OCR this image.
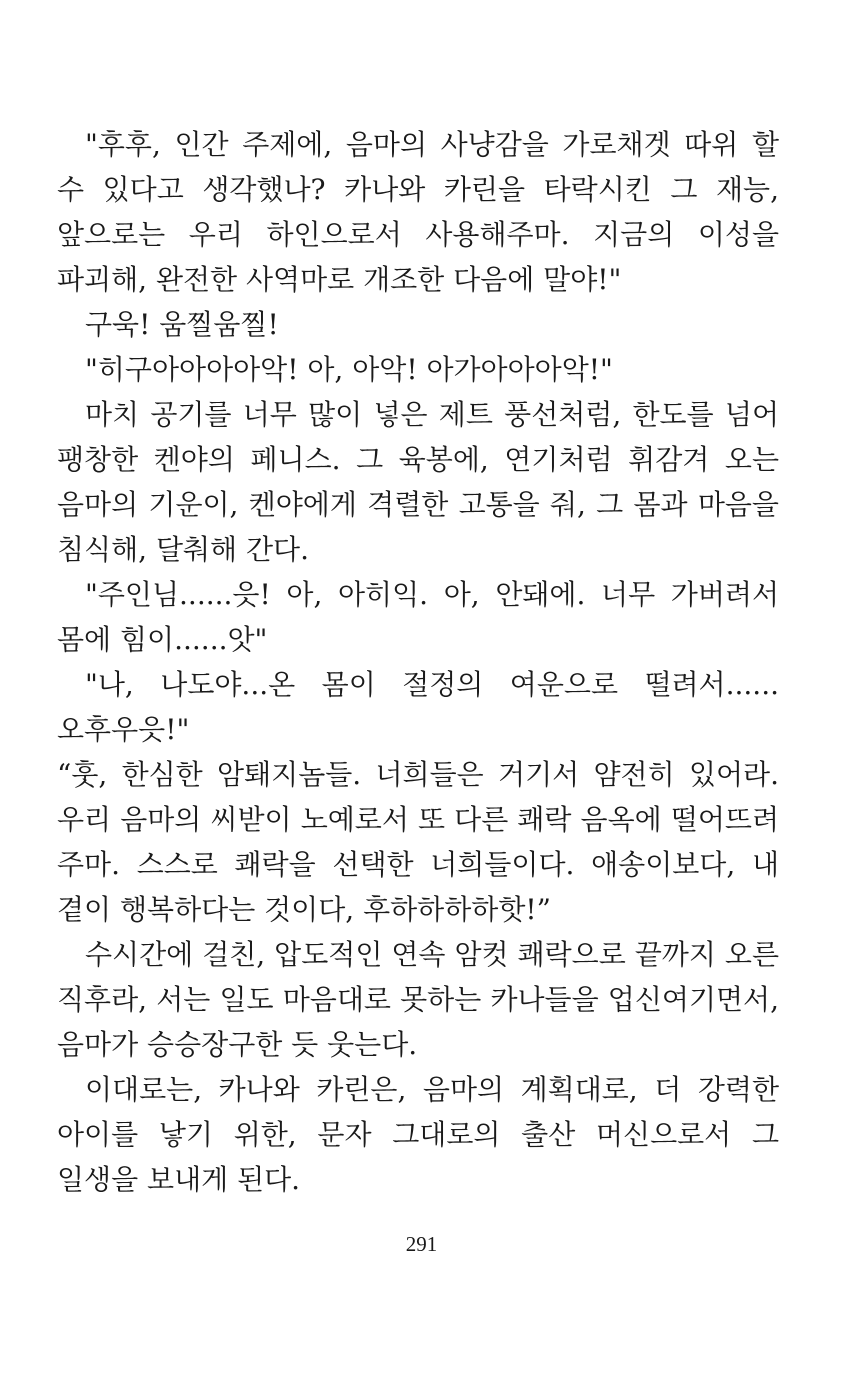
"후후, 인간 주제에, 음마의 사냥감을 가로채겟 따위 할 수 있다고 생각했나? 카나와 카린을 타락시킨 그 재능, 앞으로는 우리 하인으로서 사용해주마. 지금의 이성을 파괴해, 완전한 사역마로 개조한 다음에 말야!"

구욱! 움찔움찔!

"히구아아아아악! 아, 아악! 아가아아아악!"

마치 공기를 너무 많이 넣은 제트 풍선처럼, 한도를 넘어 팽창한 켄야의 페니스. 그 육봉에, 연기처럼 휘감겨 오는 음마의 기운이, 켄야에게 격렬한 고통을 줘, 그 몸과 마음을 침식해, 달춰해 간다.

"주인님......읏! 아, 아히익. 아, 안돼에. 너무 가버려서 몸에 힘이......앗"

"나, 나도야...온 몸이 절정의 여운으로 떨려서......오후우읏!"

“훗, 한심한 암퇘지놈들. 너희들은 거기서 얌전히 있어라. 우리 음마의 씨받이 노예로서 또 다른 쾌락 음옥에 떨어뜨려 주마. 스스로 쾌락을 선택한 너희들이다. 애송이보다, 내 곁이 행복하다는 것이다, 후하하하하핫!”

수시간에 걸친, 압도적인 연속 암컷 쾌락으로 끝까지 오른 직후라, 서는 일도 마음대로 못하는 카나들을 업신여기면서, 음마가 승승장구한 듯 웃는다.

이대로는, 카나와 카린은, 음마의 계획대로, 더 강력한 아이를 낳기 위한, 문자 그대로의 출산 머신으로서 그 일생을 보내게 된다.

291
